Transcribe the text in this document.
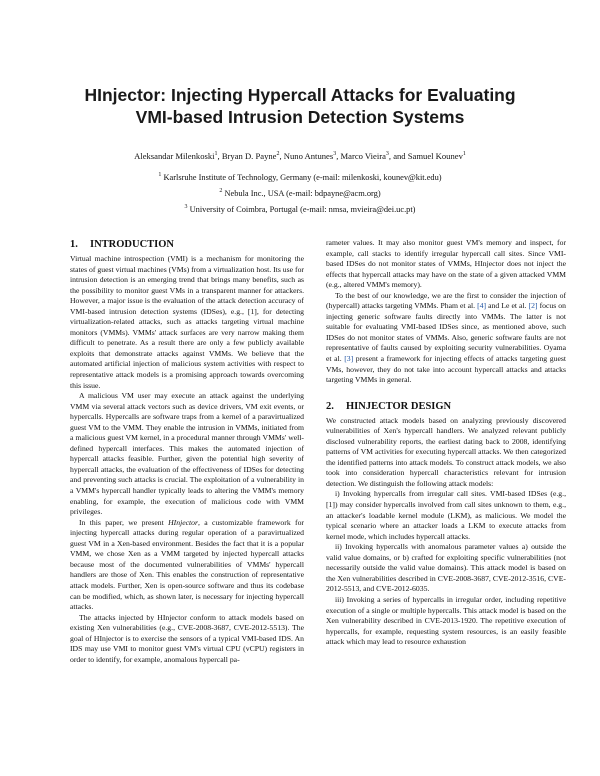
HInjector: Injecting Hypercall Attacks for Evaluating
VMI-based Intrusion Detection Systems
Aleksandar Milenkoski$^1$, Bryan D. Payne$^2$, Nuno Antunes$^3$, Marco Vieira$^3$, and Samuel Kounev$^1$
$^1$ Karlsruhe Institute of Technology, Germany (e-mail: milenkoski, kounev@kit.edu)
$^2$ Nebula Inc., USA (e-mail: bdpayne@acm.org)
$^3$ University of Coimbra, Portugal (e-mail: nmsa, mvieira@dei.uc.pt)
1. INTRODUCTION

Virtual machine introspection (VMI) is a mechanism for monitoring the states of guest virtual machines (VMs) from a virtualization host. Its use for intrusion detection is an emerging trend that brings many benefits, such as the possibility to monitor guest VMs in a transparent manner for attackers. However, a major issue is the evaluation of the attack detection accuracy of VMI-based intrusion detection systems (IDSes), e.g., [1], for detecting virtualization-related attacks, such as attacks targeting virtual machine monitors (VMMs). VMMs' attack surfaces are very narrow making them difficult to penetrate. As a result there are only a few publicly available exploits that demonstrate attacks against VMMs. We believe that the automated artificial injection of malicious system activities with respect to representative attack models is a promising approach towards overcoming this issue.

A malicious VM user may execute an attack against the underlying VMM via several attack vectors such as device drivers, VM exit events, or hypercalls. Hypercalls are software traps from a kernel of a paravirtualized guest VM to the VMM. They enable the intrusion in VMMs, initiated from a malicious guest VM kernel, in a procedural manner through VMMs' well-defined hypercall interfaces. This makes the automated injection of hypercall attacks feasible. Further, given the potential high severity of hypercall attacks, the evaluation of the effectiveness of IDSes for detecting and preventing such attacks is crucial. The exploitation of a vulnerability in a VMM's hypercall handler typically leads to altering the VMM's memory enabling, for example, the execution of malicious code with VMM privileges.

In this paper, we present HInjector, a customizable framework for injecting hypercall attacks during regular operation of a paravirtualized guest VM in a Xen-based environment. Besides the fact that it is a popular VMM, we chose Xen as a VMM targeted by injected hypercall attacks because most of the documented vulnerabilities of VMMs' hypercall handlers are those of Xen. This enables the construction of representative attack models. Further, Xen is open-source software and thus its codebase can be modified, which, as shown later, is necessary for injecting hypercall attacks.

The attacks injected by HInjector conform to attack models based on existing Xen vulnerabilities (e.g., CVE-2008-3687, CVE-2012-5513). The goal of HInjector is to exercise the sensors of a typical VMI-based IDS. An IDS may use VMI to monitor guest VM's virtual CPU (vCPU) registers in order to identify, for example, anomalous hypercall pa-

rameter values. It may also monitor guest VM's memory and inspect, for example, call stacks to identify irregular hypercall call sites. Since VMI-based IDSes do not monitor states of VMMs, HInjector does not inject the effects that hypercall attacks may have on the state of a given attacked VMM (e.g., altered VMM's memory).

To the best of our knowledge, we are the first to consider the injection of (hypercall) attacks targeting VMMs. Pham et al. [4] and Le et al. [2] focus on injecting generic software faults directly into VMMs. The latter is not suitable for evaluating VMI-based IDSes since, as mentioned above, such IDSes do not monitor states of VMMs. Also, generic software faults are not representative of faults caused by exploiting security vulnerabilities. Oyama et al. [3] present a framework for injecting effects of attacks targeting guest VMs, however, they do not take into account hypercall attacks and attacks targeting VMMs in general.

2. HINJECTOR DESIGN

We constructed attack models based on analyzing previously discovered vulnerabilities of Xen's hypercall handlers. We analyzed relevant publicly disclosed vulnerability reports, the earliest dating back to 2008, identifying patterns of VM activities for executing hypercall attacks. We then categorized the identified patterns into attack models. To construct attack models, we also took into consideration hypercall characteristics relevant for intrusion detection. We distinguish the following attack models:

i) Invoking hypercalls from irregular call sites. VMI-based IDSes (e.g., [1]) may consider hypercalls involved from call sites unknown to them, e.g., an attacker's loadable kernel module (LKM), as malicious. We model the typical scenario where an attacker loads a LKM to execute attacks from kernel mode, which includes hypercall attacks.

ii) Invoking hypercalls with anomalous parameter values a) outside the valid value domains, or b) crafted for exploiting specific vulnerabilities (not necessarily outside the valid value domains). This attack model is based on the Xen vulnerabilities described in CVE-2008-3687, CVE-2012-3516, CVE-2012-5513, and CVE-2012-6035.

iii) Invoking a series of hypercalls in irregular order, including repetitive execution of a single or multiple hypercalls. This attack model is based on the Xen vulnerability described in CVE-2013-1920. The repetitive execution of hypercalls, for example, requesting system resources, is an easily feasible attack which may lead to resource exhaustion
